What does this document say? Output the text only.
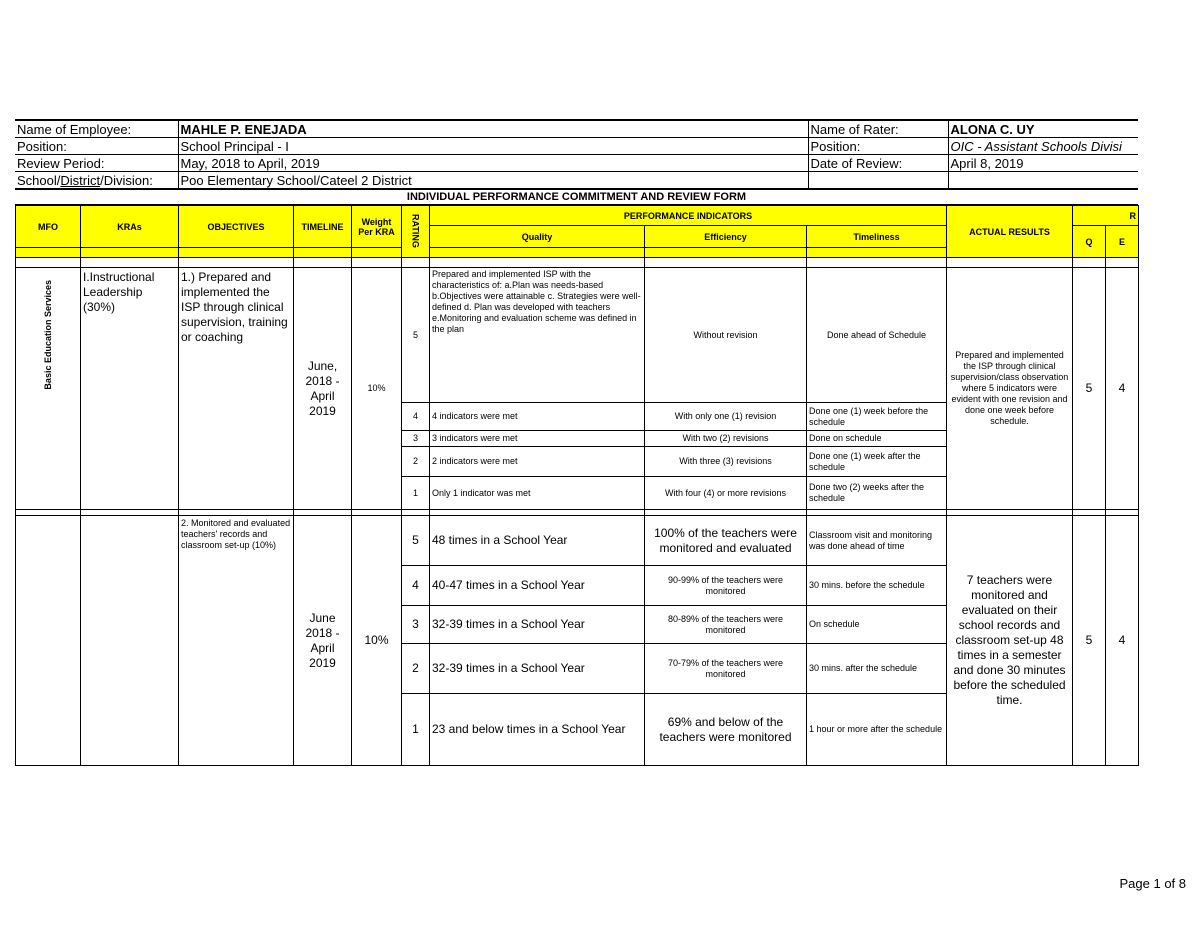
Name of Employee:	MAHLE P. ENEJADA	Name of Rater:	ALONA C. UY
Position:	School Principal - I	Position:	OIC - Assistant Schools Divisi
Review Period:	May, 2018 to April, 2019	Date of Review:	April 8, 2019
School/District/Division:	Poo Elementary School/Cateel 2 District		
INDIVIDUAL PERFORMANCE COMMITMENT AND REVIEW FORM
MFO	KRAs	OBJECTIVES	TIMELINE	Weight Per KRA	RATING	PERFORMANCE INDICATORS			ACTUAL RESULTS	R	
						Quality	Efficiency	Timeliness		Q	E

Basic Education Services	I.Instructional Leadership (30%)	1.) Prepared and implemented the ISP through clinical supervision, training or coaching	June, 2018 - April 2019	10%	5	Prepared and implemented ISP with the characteristics of: a.Plan was needs-based b.Objectives were attainable c. Strategies were well-defined d. Plan was developed with teachers e.Monitoring and evaluation scheme was defined in the plan	Without revision	Done ahead of Schedule	Prepared and implemented the ISP through clinical supervision/class observation where 5 indicators were evident with one revision and done one week before schedule.	5	4
					4	4 indicators were met	With only one (1) revision	Done one (1) week before the schedule			
					3	3 indicators were met	With two (2) revisions	Done on schedule			
					2	2 indicators were met	With three (3) revisions	Done one (1) week after the schedule			
					1	Only 1 indicator was met	With four (4) or more revisions	Done two (2) weeks after the schedule			

		2. Monitored and evaluated teachers' records and classroom set-up (10%)	June 2018 - April 2019	10%	5	48 times in a School Year	100% of the teachers were monitored and evaluated	Classroom visit and monitoring was done ahead of time	7 teachers were monitored and evaluated on their school records and classroom set-up 48 times in a semester and done 30 minutes before the scheduled time.	5	4
					4	40-47 times in a School Year	90-99% of the teachers were monitored	30 mins. before the schedule			
					3	32-39 times in a School Year	80-89% of the teachers were monitored	On schedule			
					2	32-39 times in a School Year	70-79% of the teachers were monitored	30 mins. after the schedule			
					1	23 and below times in a School Year	69% and below of the teachers were monitored	1 hour or more after the schedule			
Page 1 of 8
